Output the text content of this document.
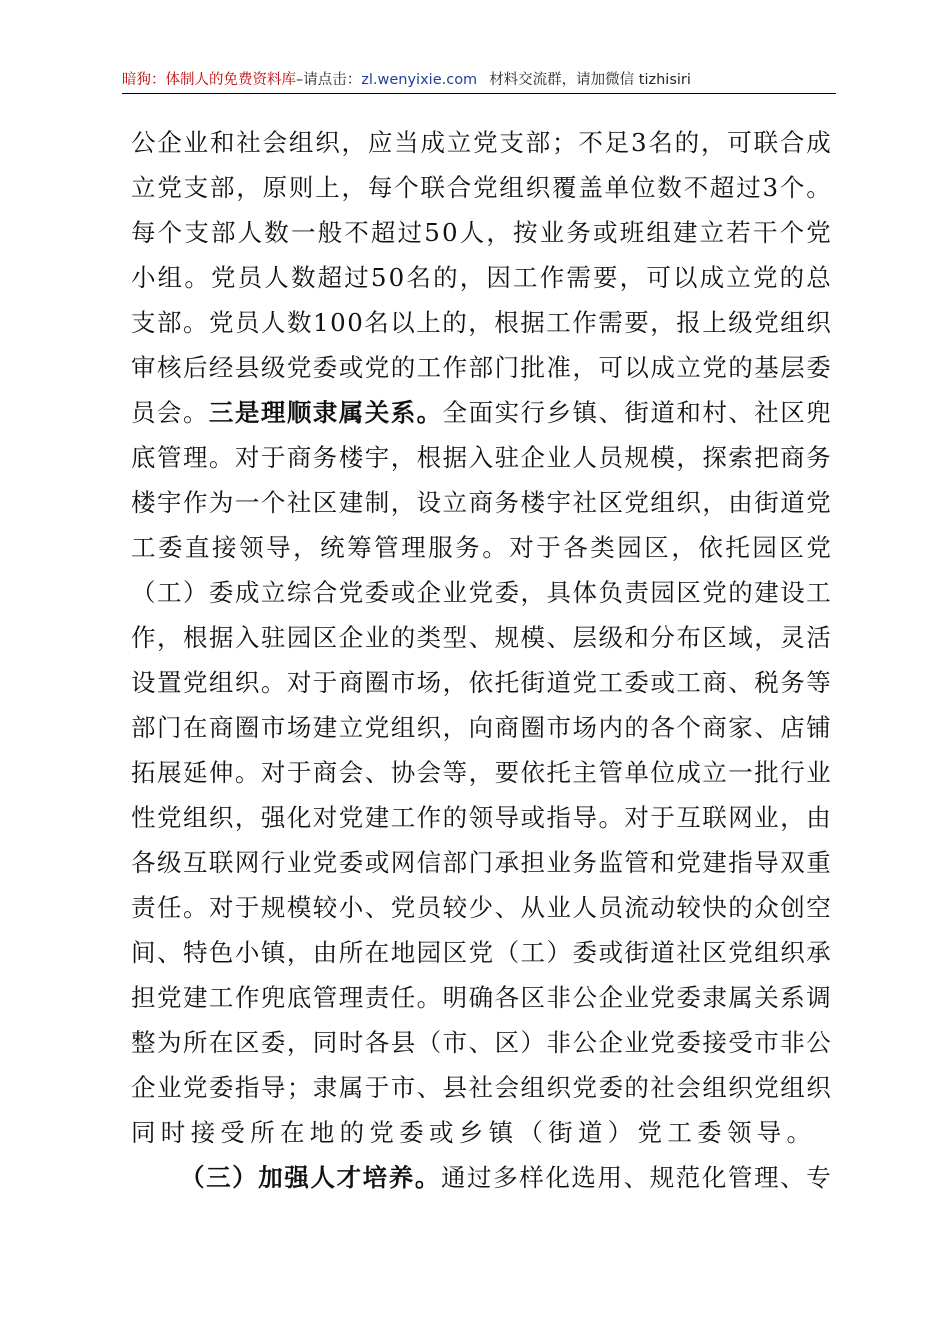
暗狗：体制人的免费资料库–请点击：zl.wenyixie.com 材料交流群，请加微信 tizhisiri
公 企 业 和 社 会 组 织 ， 应 当 成 立 党 支 部 ； 不 足 3 名 的 ， 可 联 合 成
立 党 支 部 ， 原 则 上 ， 每 个 联 合 党 组 织 覆 盖 单 位 数 不 超 过 3 个 。
每 个 支 部 人 数 一 般 不 超 过 5 0 人 ， 按 业 务 或 班 组 建 立 若 干 个 党
小 组 。 党 员 人 数 超 过 5 0 名 的 ， 因 工 作 需 要 ， 可 以 成 立 党 的 总
支 部 。 党 员 人 数 1 0 0 名 以 上 的 ， 根 据 工 作 需 要 ， 报 上 级 党 组 织
审 核 后 经 县 级 党 委 或 党 的 工 作 部 门 批 准 ， 可 以 成 立 党 的 基 层 委
员 会 。 三 是 理 顺 隶 属 关 系 。 全 面 实 行 乡 镇 、 街 道 和 村 、 社 区 兜
底 管 理 。 对 于 商 务 楼 宇 ， 根 据 入 驻 企 业 人 员 规 模 ， 探 索 把 商 务
楼 宇 作 为 一 个 社 区 建 制 ， 设 立 商 务 楼 宇 社 区 党 组 织 ， 由 街 道 党
工 委 直 接 领 导 ， 统 筹 管 理 服 务 。 对 于 各 类 园 区 ， 依 托 园 区 党
（ 工 ） 委 成 立 综 合 党 委 或 企 业 党 委 ， 具 体 负 责 园 区 党 的 建 设 工
作 ， 根 据 入 驻 园 区 企 业 的 类 型 、 规 模 、 层 级 和 分 布 区 域 ， 灵 活
设 置 党 组 织 。 对 于 商 圈 市 场 ， 依 托 街 道 党 工 委 或 工 商 、 税 务 等
部 门 在 商 圈 市 场 建 立 党 组 织 ， 向 商 圈 市 场 内 的 各 个 商 家 、 店 铺
拓 展 延 伸 。 对 于 商 会 、 协 会 等 ， 要 依 托 主 管 单 位 成 立 一 批 行 业
性 党 组 织 ， 强 化 对 党 建 工 作 的 领 导 或 指 导 。 对 于 互 联 网 业 ， 由
各 级 互 联 网 行 业 党 委 或 网 信 部 门 承 担 业 务 监 管 和 党 建 指 导 双 重
责 任 。 对 于 规 模 较 小 、 党 员 较 少 、 从 业 人 员 流 动 较 快 的 众 创 空
间 、 特 色 小 镇 ， 由 所 在 地 园 区 党 （ 工 ） 委 或 街 道 社 区 党 组 织 承
担 党 建 工 作 兜 底 管 理 责 任 。 明 确 各 区 非 公 企 业 党 委 隶 属 关 系 调
整 为 所 在 区 委 ， 同 时 各 县 （ 市 、 区 ） 非 公 企 业 党 委 接 受 市 非 公
企 业 党 委 指 导 ； 隶 属 于 市 、 县 社 会 组 织 党 委 的 社 会 组 织 党 组 织
同 时 接 受 所 在 地 的 党 委 或 乡 镇 （ 街 道 ） 党 工 委 领 导 。
（ 三 ） 加 强 人 才 培 养 。 通 过 多 样 化 选 用 、 规 范 化 管 理 、 专
